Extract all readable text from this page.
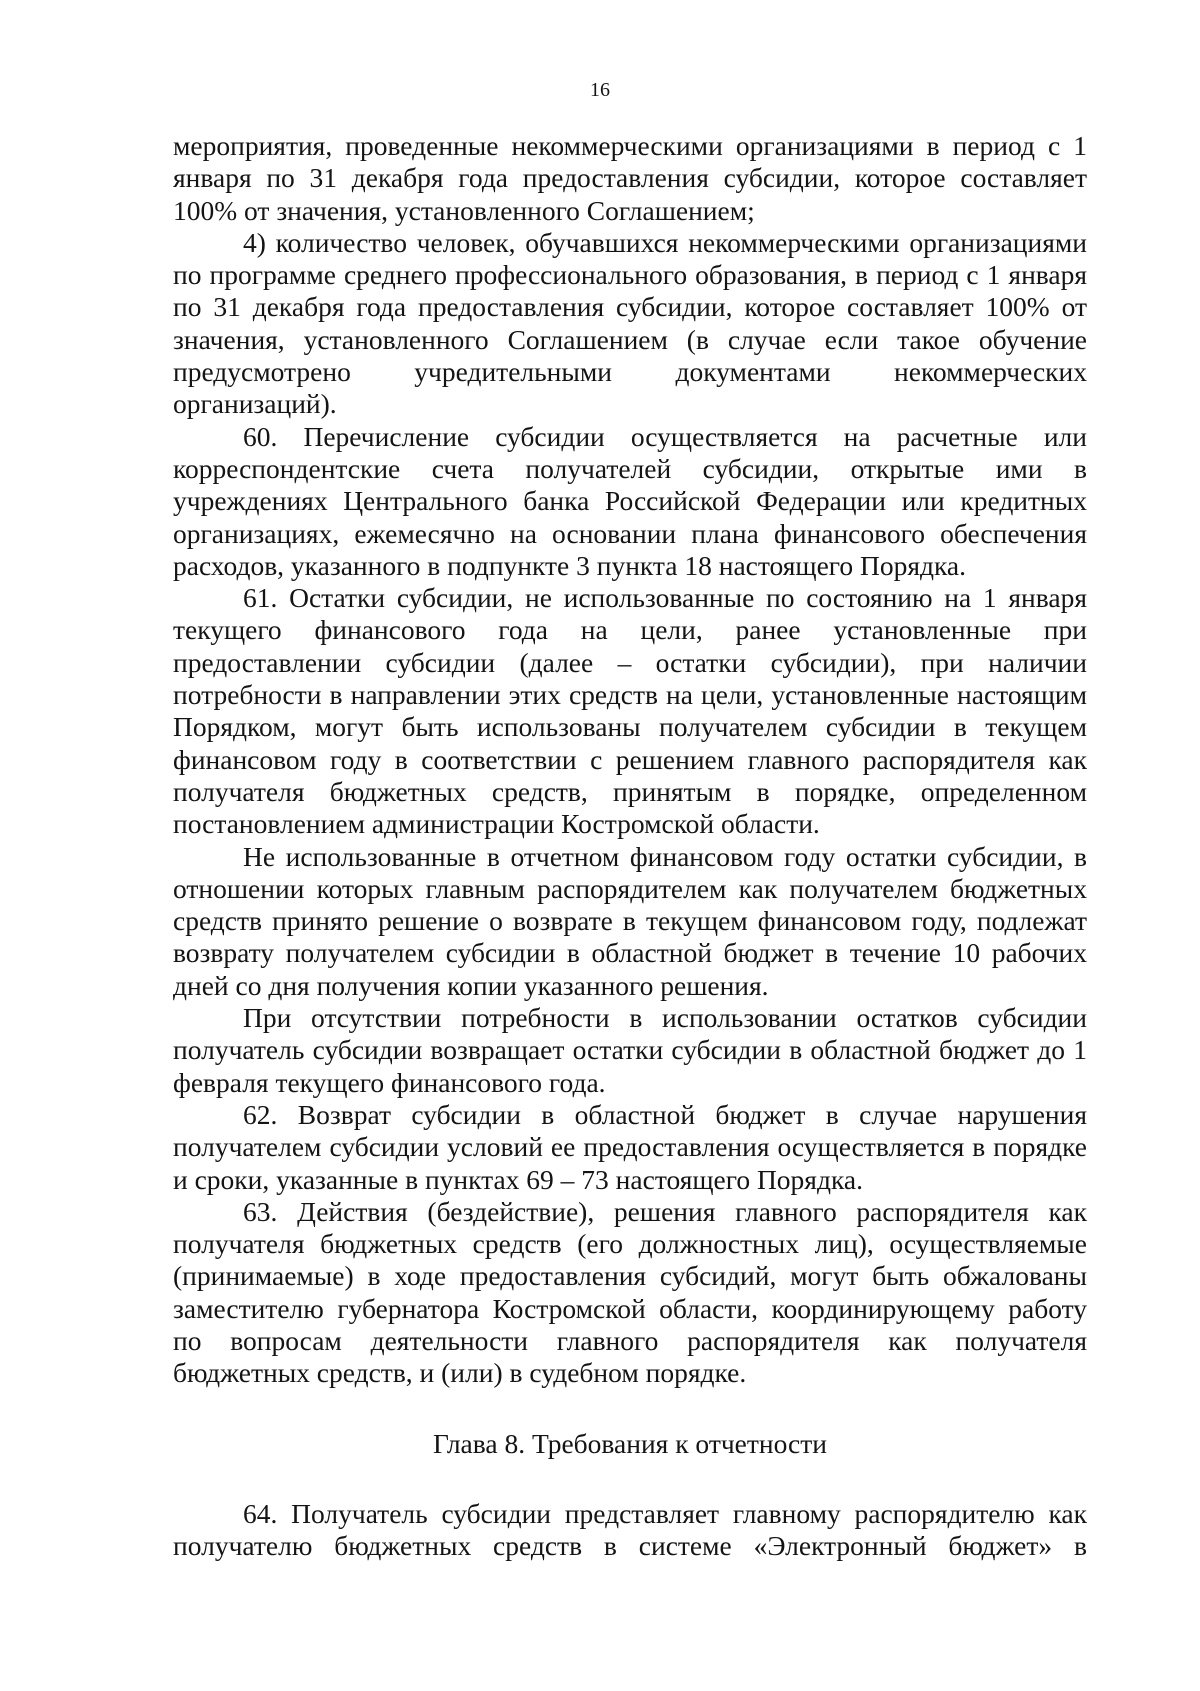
16

мероприятия, проведенные некоммерческими организациями в период с 1 января по 31 декабря года предоставления субсидии, которое составляет 100% от значения, установленного Соглашением;

4) количество человек, обучавшихся некоммерческими организациями по программе среднего профессионального образования, в период с 1 января по 31 декабря года предоставления субсидии, которое составляет 100% от значения, установленного Соглашением (в случае если такое обучение предусмотрено учредительными документами некоммерческих организаций).

60. Перечисление субсидии осуществляется на расчетные или корреспондентские счета получателей субсидии, открытые ими в учреждениях Центрального банка Российской Федерации или кредитных организациях, ежемесячно на основании плана финансового обеспечения расходов, указанного в подпункте 3 пункта 18 настоящего Порядка.

61. Остатки субсидии, не использованные по состоянию на 1 января текущего финансового года на цели, ранее установленные при предоставлении субсидии (далее – остатки субсидии), при наличии потребности в направлении этих средств на цели, установленные настоящим Порядком, могут быть использованы получателем субсидии в текущем финансовом году в соответствии с решением главного распорядителя как получателя бюджетных средств, принятым в порядке, определенном постановлением администрации Костромской области.

Не использованные в отчетном финансовом году остатки субсидии, в отношении которых главным распорядителем как получателем бюджетных средств принято решение о возврате в текущем финансовом году, подлежат возврату получателем субсидии в областной бюджет в течение 10 рабочих дней со дня получения копии указанного решения.

При отсутствии потребности в использовании остатков субсидии получатель субсидии возвращает остатки субсидии в областной бюджет до 1 февраля текущего финансового года.

62. Возврат субсидии в областной бюджет в случае нарушения получателем субсидии условий ее предоставления осуществляется в порядке и сроки, указанные в пунктах 69 – 73 настоящего Порядка.

63. Действия (бездействие), решения главного распорядителя как получателя бюджетных средств (его должностных лиц), осуществляемые (принимаемые) в ходе предоставления субсидий, могут быть обжалованы заместителю губернатора Костромской области, координирующему работу по вопросам деятельности главного распорядителя как получателя бюджетных средств, и (или) в судебном порядке.

Глава 8. Требования к отчетности

64. Получатель субсидии представляет главному распорядителю как получателю бюджетных средств в системе «Электронный бюджет» в
